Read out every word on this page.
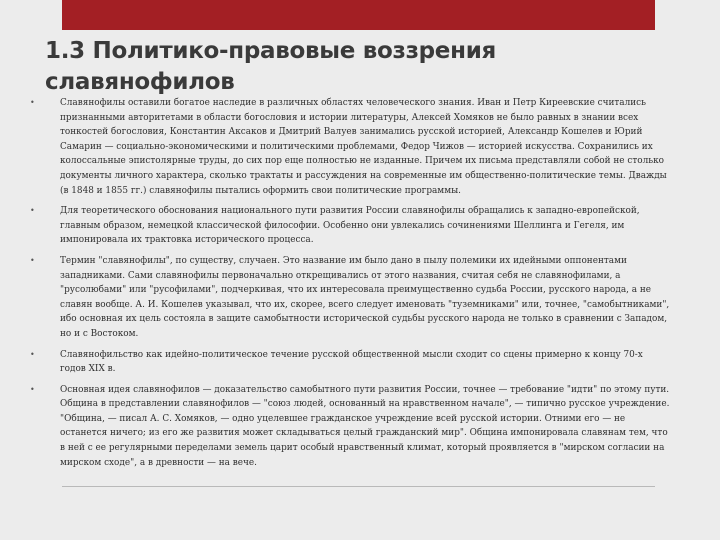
1.3 Политико-правовые воззрения
славянофилов
•	Славянофилы оставили богатое наследие в различных областях человеческого знания. Иван и Петр Киреевские считались признанными авторитетами в области богословия и истории литературы, Алексей Хомяков не было равных в знании всех тонкостей богословия, Константин Аксаков и Дмитрий Валуев занимались русской историей, Александр Кошелев и Юрий Самарин — социально-экономическими и политическими проблемами, Федор Чижов — историей искусства. Сохранились их колоссальные эпистолярные труды, до сих пор еще полностью не изданные. Причем их письма представляли собой не столько документы личного характера, сколько трактаты и рассуждения на современные им общественно-политические темы. Дважды (в 1848 и 1855 гг.) славянофилы пытались оформить свои политические программы.
•	Для теоретического обоснования национального пути развития России славянофилы обращались к западно-европейской, главным образом, немецкой классической философии. Особенно они увлекались сочинениями Шеллинга и Гегеля, им импонировала их трактовка исторического процесса.
•	Термин "славянофилы", по существу, случаен. Это название им было дано в пылу полемики их идейными оппонентами западниками. Сами славянофилы первоначально открещивались от этого названия, считая себя не славянофилами, а "русолюбами" или "русофилами", подчеркивая, что их интересовала преимущественно судьба России, русского народа, а не славян вообще. А. И. Кошелев указывал, что их, скорее, всего следует именовать "туземниками" или, точнее, "самобытниками", ибо основная их цель состояла в защите самобытности исторической судьбы русского народа не только в сравнении с Западом, но и с Востоком.
•	Славянофильство как идейно-политическое течение русской общественной мысли сходит со сцены примерно к концу 70-х годов XIX в.
•	Основная идея славянофилов — доказательство самобытного пути развития России, точнее — требование "идти" по этому пути. Община в представлении славянофилов — "союз людей, основанный на нравственном начале", — типично русское учреждение. "Община, — писал А. С. Хомяков, — одно уцелевшее гражданское учреждение всей русской истории. Отними его — не останется ничего; из его же развития может складываться целый гражданский мир". Община импонировала славянам тем, что в ней с ее регулярными переделами земель царит особый нравственный климат, который проявляется в "мирском согласии на мирском сходе", а в древности — на вече.
